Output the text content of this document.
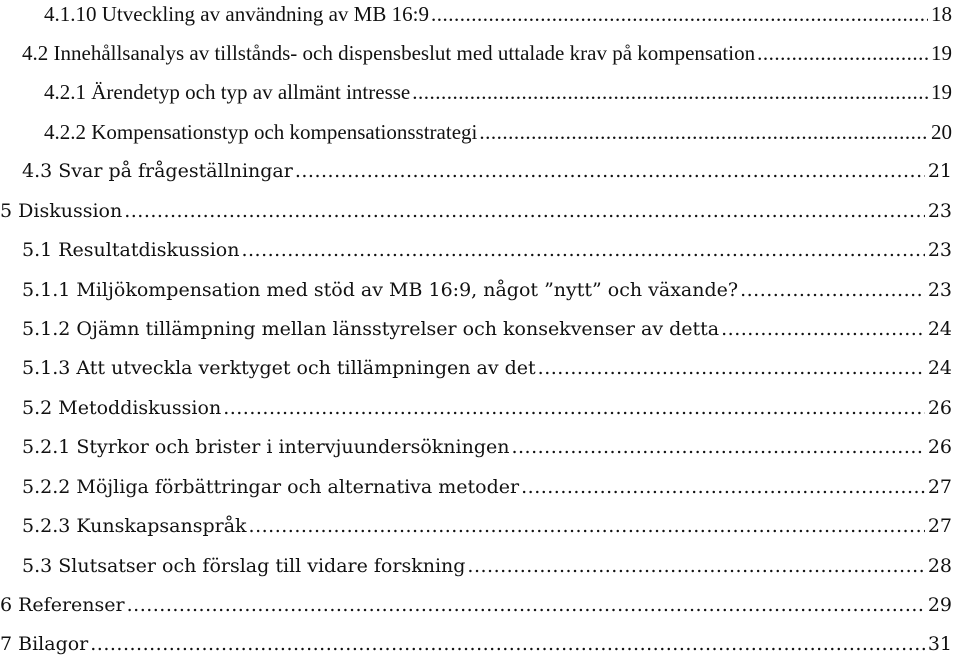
4.1.10 Utveckling av användning av MB 16:9 .....	18
4.2 Innehållsanalys av tillstånds- och dispensbeslut med uttalade krav på kompensation .....	19
4.2.1 Ärendetyp och typ av allmänt intresse .....	19
4.2.2 Kompensationstyp och kompensationsstrategi .....	20
4.3 Svar på frågeställningar .....	21
5 Diskussion .....	23
5.1 Resultatdiskussion .....	23
5.1.1 Miljökompensation med stöd av MB 16:9, något ”nytt” och växande? .....	23
5.1.2 Ojämn tillämpning mellan länsstyrelser och konsekvenser av detta .....	24
5.1.3 Att utveckla verktyget och tillämpningen av det .....	24
5.2 Metoddiskussion .....	26
5.2.1 Styrkor och brister i intervjuundersökningen .....	26
5.2.2 Möjliga förbättringar och alternativa metoder .....	27
5.2.3 Kunskapsanspråk .....	27
5.3 Slutsatser och förslag till vidare forskning .....	28
6 Referenser .....	29
7 Bilagor .....	31
